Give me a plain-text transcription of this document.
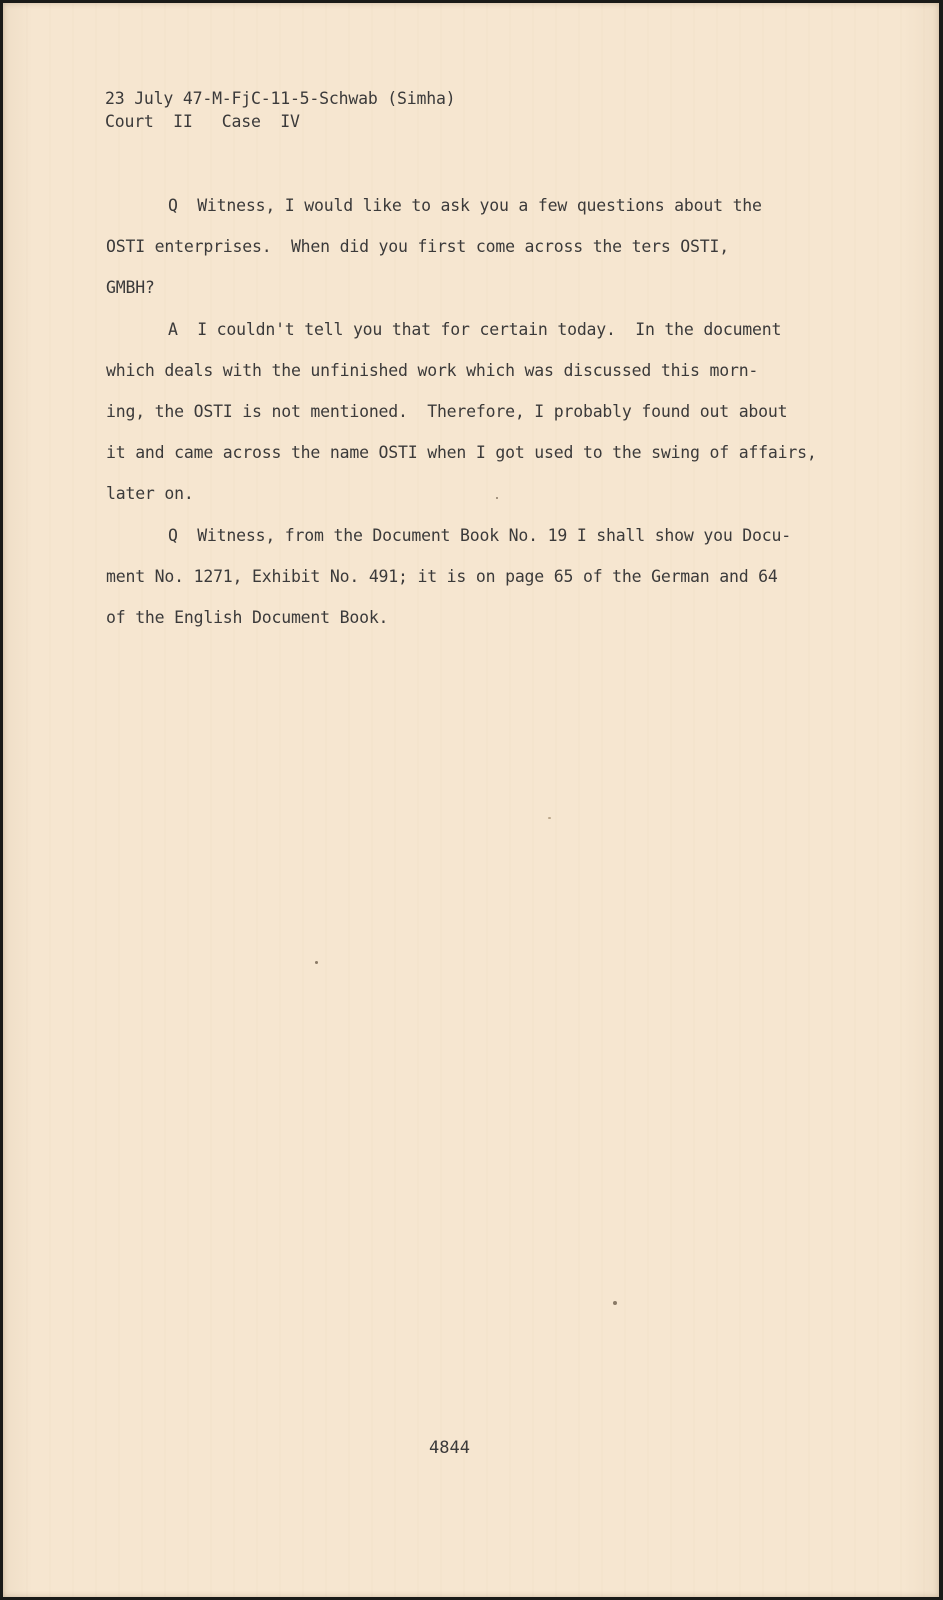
23 July 47-M-FjC-11-5-Schwab (Simha)
Court  II   Case  IV

Q  Witness, I would like to ask you a few questions about the
OSTI enterprises.  When did you first come across the ters OSTI,
GMBH?

A  I couldn't tell you that for certain today.  In the document
which deals with the unfinished work which was discussed this morn-
ing, the OSTI is not mentioned.  Therefore, I probably found out about
it and came across the name OSTI when I got used to the swing of affairs,
later on.

Q  Witness, from the Document Book No. 19 I shall show you Docu-
ment No. 1271, Exhibit No. 491; it is on page 65 of the German and 64
of the English Document Book.

4844
